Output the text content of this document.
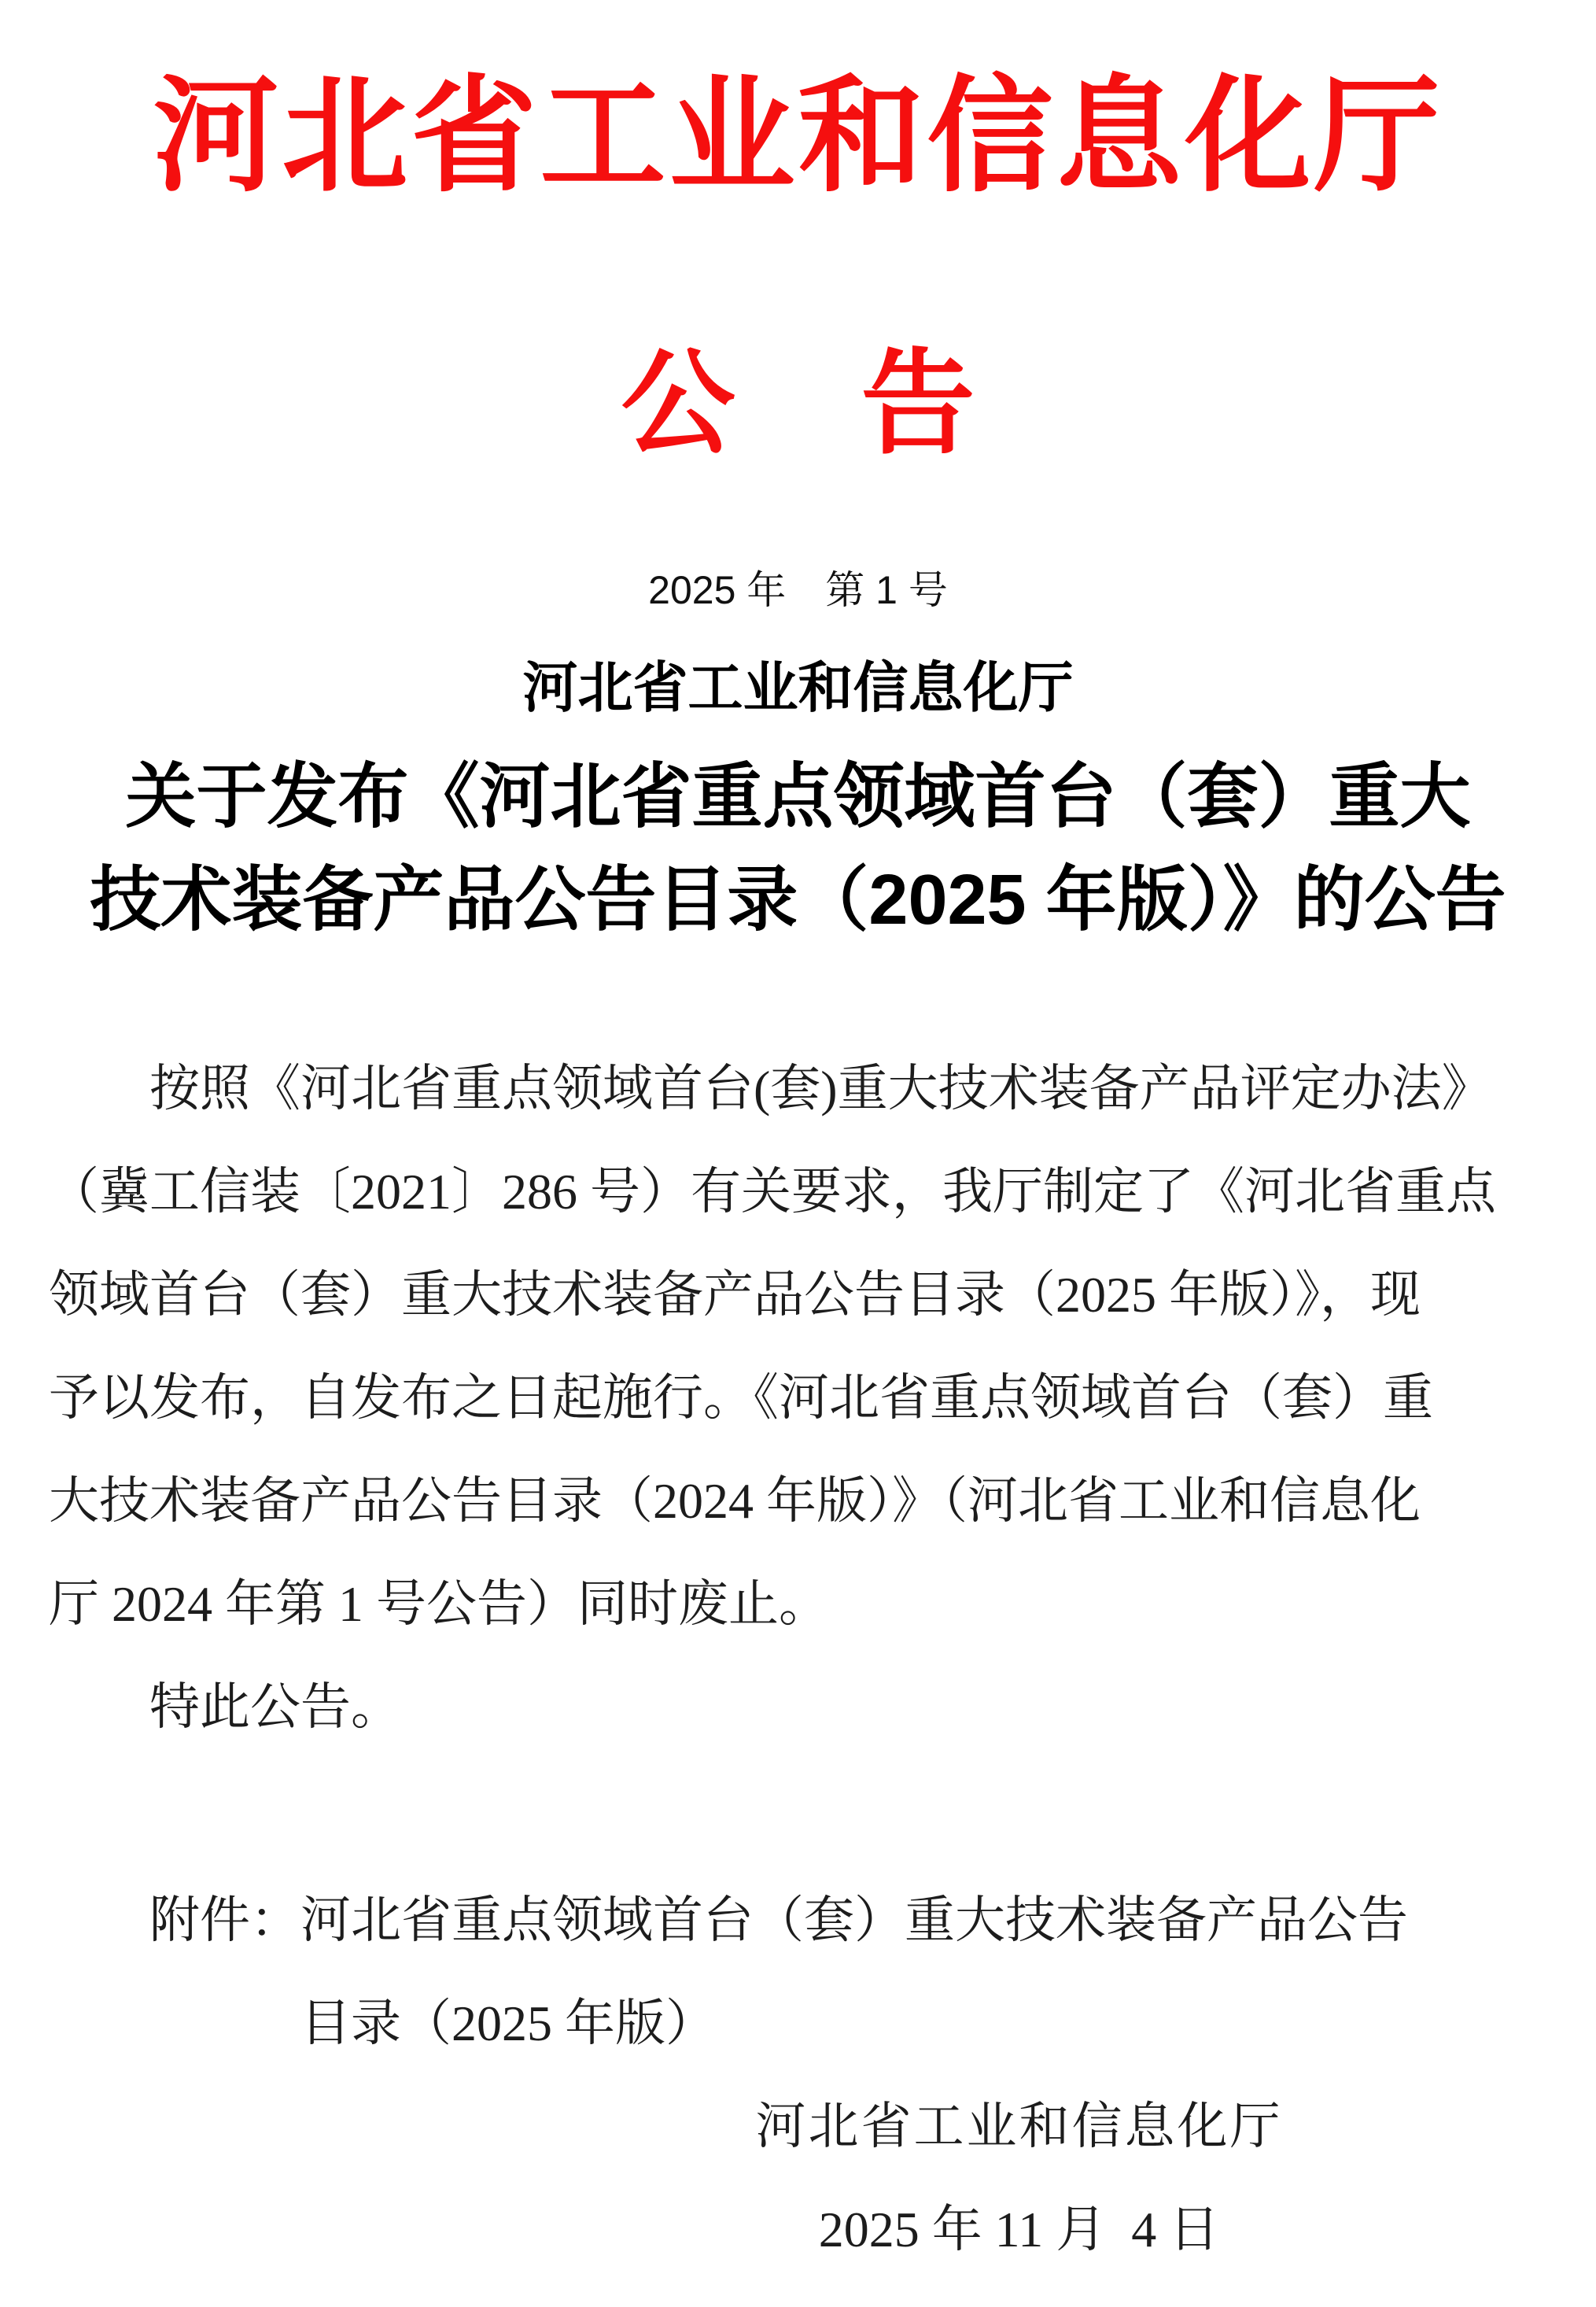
河北省工业和信息化厅
公 告
2025 年　第 1 号
河北省工业和信息化厅
关于发布《河北省重点领域首台（套）重大
技术装备产品公告目录（2025 年版）》的公告
按照《河北省重点领域首台(套)重大技术装备产品评定办法》
（冀工信装〔2021〕286 号）有关要求，我厅制定了《河北省重点
领域首台（套）重大技术装备产品公告目录（2025 年版）》，现
予以发布，自发布之日起施行。《河北省重点领域首台（套）重
大技术装备产品公告目录（2024 年版）》（河北省工业和信息化
厅 2024 年第 1 号公告）同时废止。
特此公告。
附件：河北省重点领域首台（套）重大技术装备产品公告
目录（2025 年版）
河北省工业和信息化厅
2025 年 11 月  4 日
